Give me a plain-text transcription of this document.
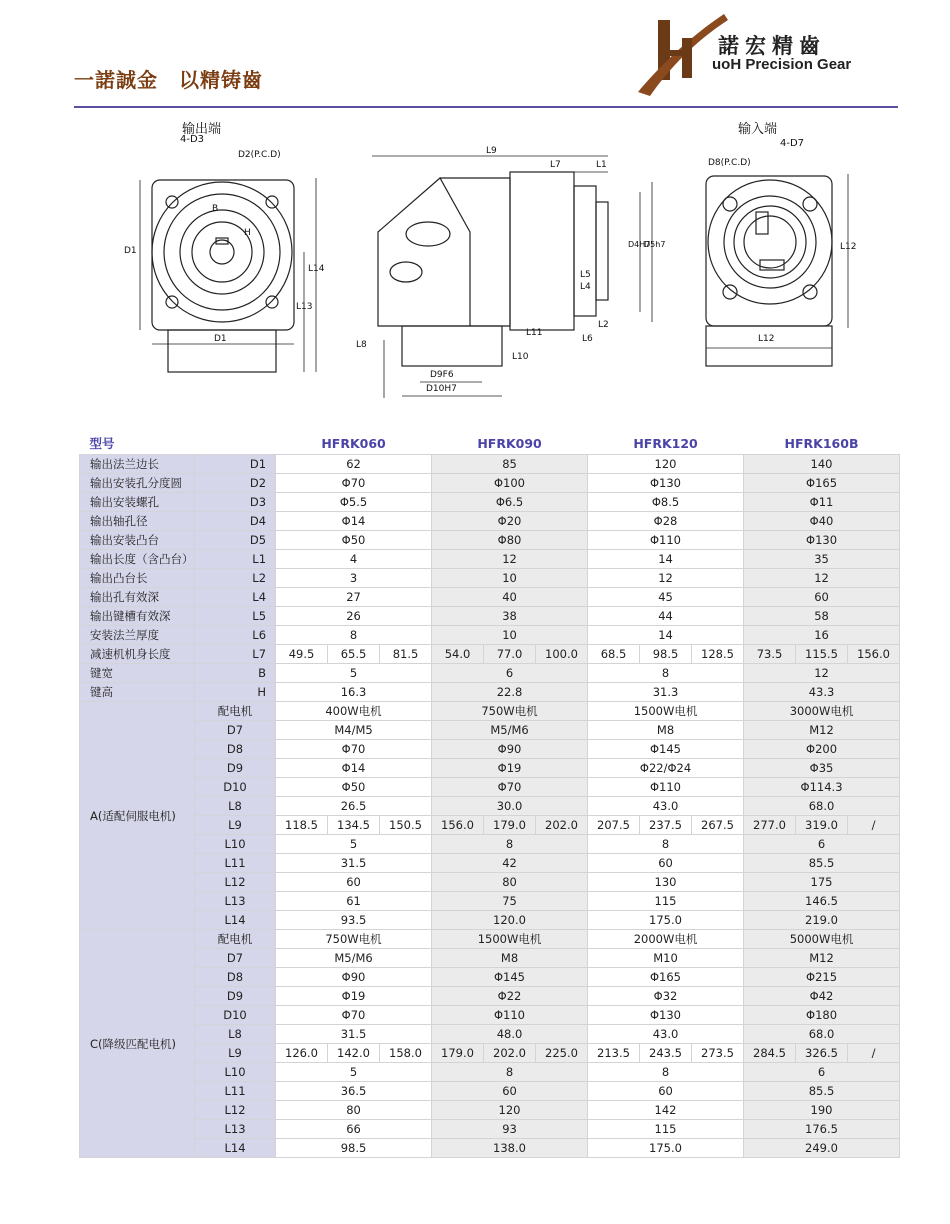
一諾誠金　以精铸齒
諾宏精齒
uoH Precision Gear
输出端	输入端
4-D3
D2(P.C.D)
B
H
D1
D1
L14
L13
L9
L7	L1
D4H7
D5h7
L5
L4
L2
L6
L11
L10
L8
D9F6
D10H7
D8(P.C.D)
4-D7
L12
L12
型号		HFRK060			HFRK090			HFRK120			HFRK160B		
输出法兰边长	D1	62			85			120			140		
输出安装孔分度圆	D2	Φ70			Φ100			Φ130			Φ165		
输出安装螺孔	D3	Φ5.5			Φ6.5			Φ8.5			Φ11		
输出轴孔径	D4	Φ14			Φ20			Φ28			Φ40		
输出安装凸台	D5	Φ50			Φ80			Φ110			Φ130		
输出长度（含凸台）	L1	4			12			14			35		
输出凸台长	L2	3			10			12			12		
输出孔有效深	L4	27			40			45			60		
输出键槽有效深	L5	26			38			44			58		
安装法兰厚度	L6	8			10			14			16		
减速机机身长度	L7	49.5	65.5	81.5	54.0	77.0	100.0	68.5	98.5	128.5	73.5	115.5	156.0
键宽	B	5			6			8			12		
键高	H	16.3			22.8			31.3			43.3		
A(适配伺服电机)	配电机	400W电机			750W电机			1500W电机			3000W电机		
	D7	M4/M5			M5/M6			M8			M12		
	D8	Φ70			Φ90			Φ145			Φ200		
	D9	Φ14			Φ19			Φ22/Φ24			Φ35		
	D10	Φ50			Φ70			Φ110			Φ114.3		
	L8	26.5			30.0			43.0			68.0		
	L9	118.5	134.5	150.5	156.0	179.0	202.0	207.5	237.5	267.5	277.0	319.0	/
	L10	5			8			8			6		
	L11	31.5			42			60			85.5		
	L12	60			80			130			175		
	L13	61			75			115			146.5		
	L14	93.5			120.0			175.0			219.0		
C(降级匹配电机)	配电机	750W电机			1500W电机			2000W电机			5000W电机		
	D7	M5/M6			M8			M10			M12		
	D8	Φ90			Φ145			Φ165			Φ215		
	D9	Φ19			Φ22			Φ32			Φ42		
	D10	Φ70			Φ110			Φ130			Φ180		
	L8	31.5			48.0			43.0			68.0		
	L9	126.0	142.0	158.0	179.0	202.0	225.0	213.5	243.5	273.5	284.5	326.5	/
	L10	5			8			8			6		
	L11	36.5			60			60			85.5		
	L12	80			120			142			190		
	L13	66			93			115			176.5		
	L14	98.5			138.0			175.0			249.0		
